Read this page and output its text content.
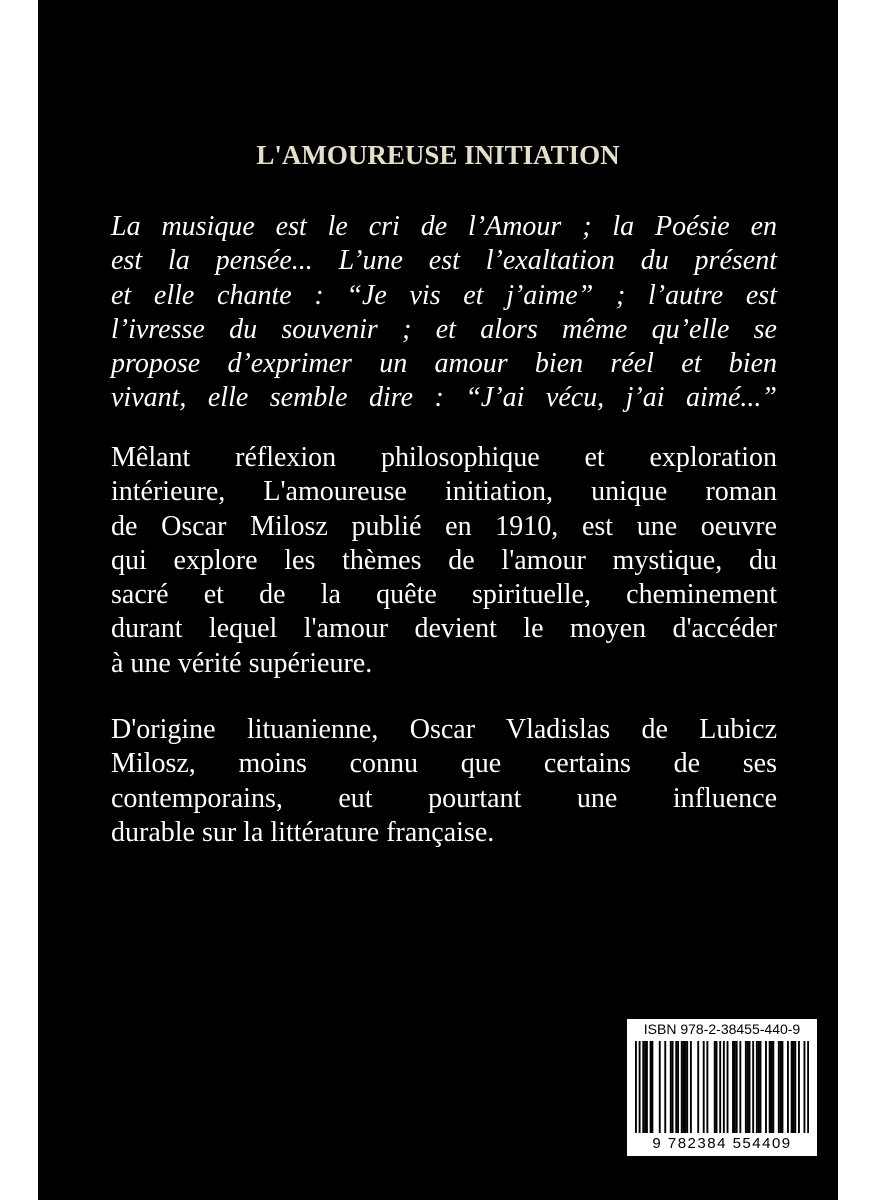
L'AMOUREUSE INITIATION
La musique est le cri de l’Amour ; la Poésie en
est la pensée... L’une est l’exaltation du présent
et elle chante : “Je vis et j’aime” ; l’autre est
l’ivresse du souvenir ; et alors même qu’elle se
propose d’exprimer un amour bien réel et bien
vivant, elle semble dire : “J’ai vécu, j’ai aimé...”
Mêlant réflexion philosophique et exploration
intérieure, L'amoureuse initiation, unique roman
de Oscar Milosz publié en 1910, est une oeuvre
qui explore les thèmes de l'amour mystique, du
sacré et de la quête spirituelle, cheminement
durant lequel l'amour devient le moyen d'accéder
à une vérité supérieure.
D'origine lituanienne, Oscar Vladislas de Lubicz
Milosz, moins connu que certains de ses
contemporains, eut pourtant une influence
durable sur la littérature française.
ISBN 978-2-38455-440-9
9 782384 554409
